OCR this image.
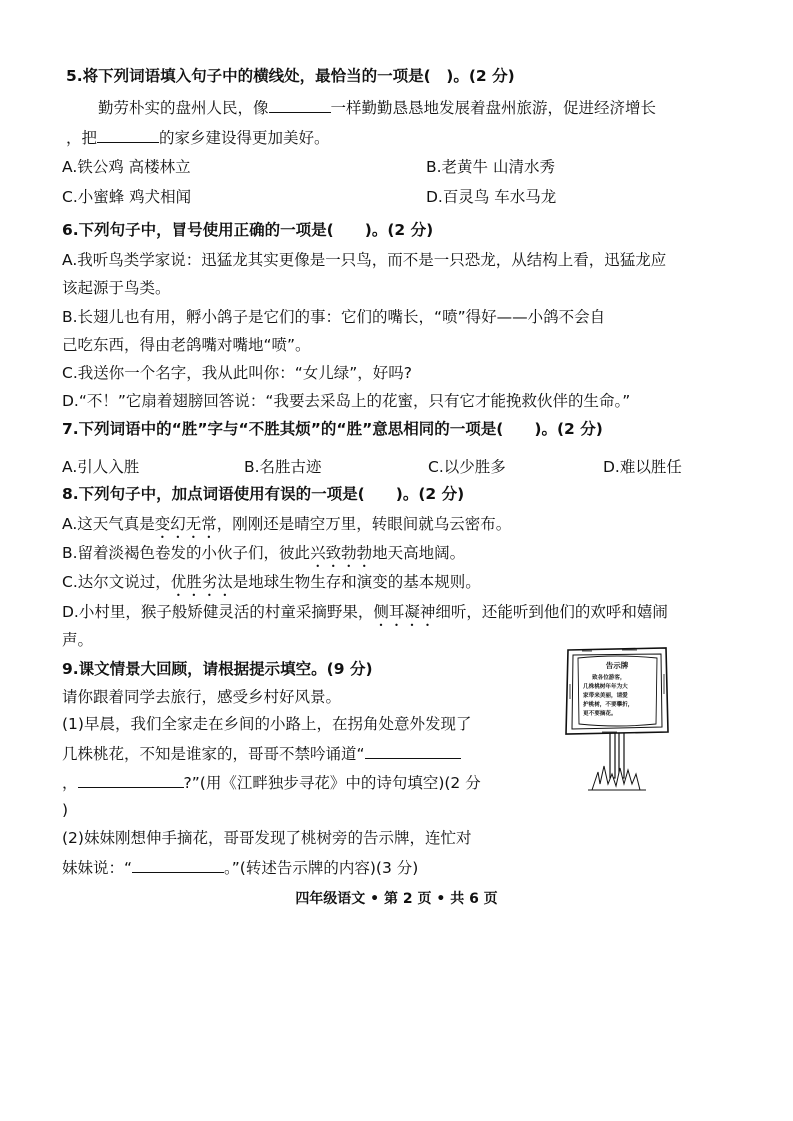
5.将下列词语填入句子中的横线处，最恰当的一项是(　)。(2 分)
勤劳朴实的盘州人民，像	一样勤勤恳恳地发展着盘州旅游，促进经济增长
，把	的家乡建设得更加美好。
A.铁公鸡 高楼林立	B.老黄牛 山清水秀
C.小蜜蜂 鸡犬相闻	D.百灵鸟 车水马龙
6.下列句子中，冒号使用正确的一项是(　　)。(2 分)
A.我听鸟类学家说：迅猛龙其实更像是一只鸟，而不是一只恐龙，从结构上看，迅猛龙应
该起源于鸟类。
B.长翅儿也有用，孵小鸽子是它们的事：它们的嘴长，“喷”得好——小鸽不会自
己吃东西，得由老鸽嘴对嘴地“喷”。
C.我送你一个名字，我从此叫你：“女儿绿”，好吗?
D.“不！”它扇着翅膀回答说：“我要去采岛上的花蜜，只有它才能挽救伙伴的生命。”
7.下列词语中的“胜”字与“不胜其烦”的“胜”意思相同的一项是(　　)。(2 分)
A.引人入胜	B.名胜古迹	C.以少胜多	D.难以胜任
8.下列句子中，加点词语使用有误的一项是(　　)。(2 分)
A.这天气真是变幻无常，刚刚还是晴空万里，转眼间就乌云密布。
B.留着淡褐色卷发的小伙子们，彼此兴致勃勃地天高地阔。
C.达尔文说过，优胜劣汰是地球生物生存和演变的基本规则。
D.小村里，猴子般矫健灵活的村童采摘野果，侧耳凝神细听，还能听到他们的欢呼和嬉闹
声。
9.课文情景大回顾，请根据提示填空。(9 分)
请你跟着同学去旅行，感受乡村好风景。
(1)早晨，我们全家走在乡间的小路上，在拐角处意外发现了
几株桃花，不知是谁家的，哥哥不禁吟诵道“
，	?”(用《江畔独步寻花》中的诗句填空)(2 分
)
(2)妹妹刚想伸手摘花，哥哥发现了桃树旁的告示牌，连忙对
妹妹说：“	。”(转述告示牌的内容)(3 分)
告示牌
致各位游客，
几株桃树年年为大
家带来美丽，请爱
护桃树，不要攀折，
更不要摘花。
四年级语文 • 第 2 页 • 共 6 页
